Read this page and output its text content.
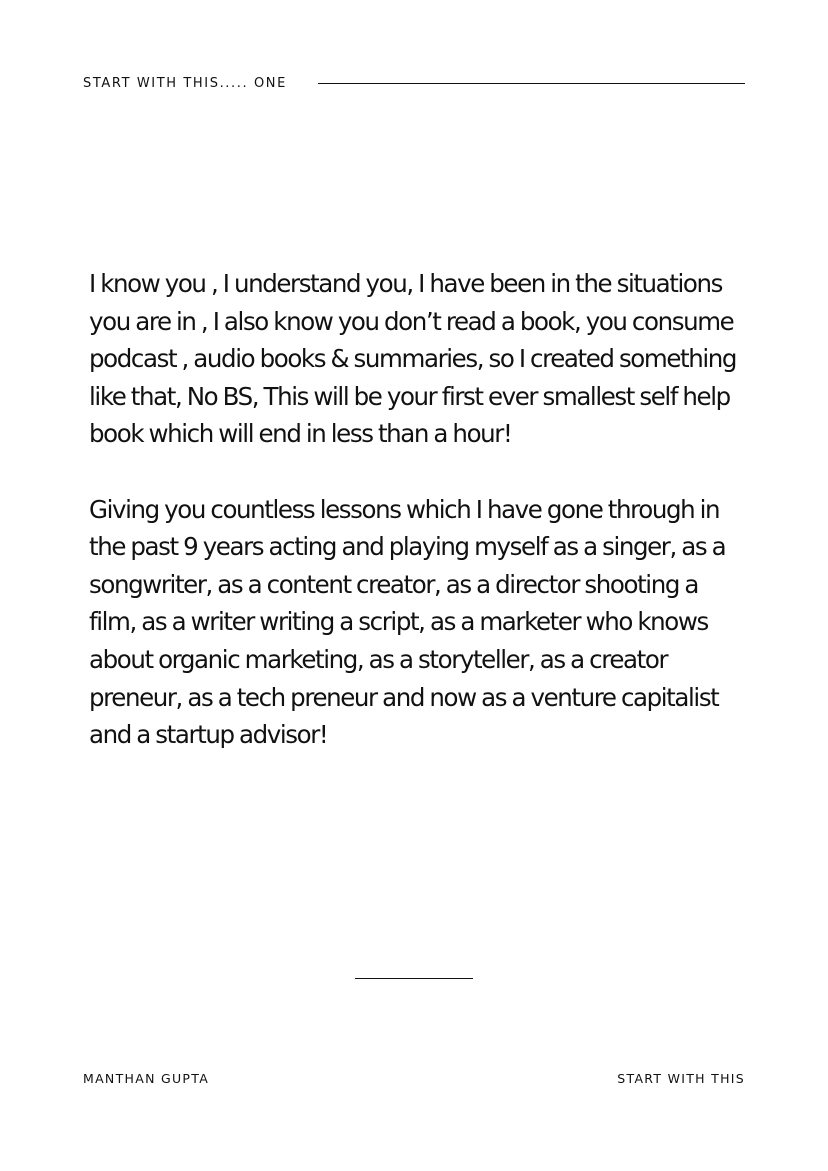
START WITH THIS..... ONE

I know you , I understand you, I have been in the situations you are in , I also know you don’t read a book, you consume podcast , audio books & summaries, so I created something like that, No BS, This will be your first ever smallest self help book which will end in less than a hour!

Giving you countless lessons which I have gone through in the past 9 years acting and playing myself as a singer, as a songwriter, as a content creator, as a director shooting a film, as a writer writing a script, as a marketer who knows about organic marketing, as a storyteller, as a creator preneur, as a tech preneur and now as a venture capitalist and a startup advisor!

MANTHAN GUPTA	START WITH THIS
